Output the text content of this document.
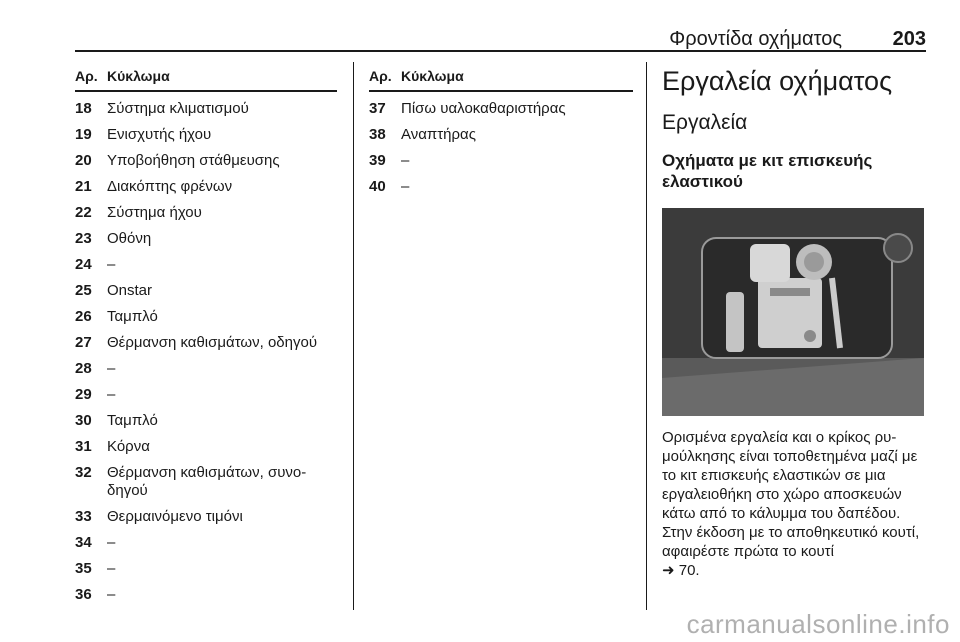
Φροντίδα οχήματος	203
Αρ. Κύκλωμα
18	Σύστημα κλιματισμού
19	Ενισχυτής ήχου
20	Υποβοήθηση στάθμευσης
21	Διακόπτης φρένων
22	Σύστημα ήχου
23	Οθόνη
24	–
25	Onstar
26	Ταμπλό
27	Θέρμανση καθισμάτων, οδηγού
28	–
29	–
30	Ταμπλό
31	Κόρνα
32	Θέρμανση καθισμάτων, συνο-δηγού
33	Θερμαινόμενο τιμόνι
34	–
35	–
36	–
Αρ. Κύκλωμα
37	Πίσω υαλοκαθαριστήρας
38	Αναπτήρας
39	–
40	–
Εργαλεία οχήματος
Εργαλεία
Οχήματα με κιτ επισκευής ελαστικού
Ορισμένα εργαλεία και ο κρίκος ρυ-μούλκησης είναι τοποθετημένα μαζί με το κιτ επισκευής ελαστικών σε μια εργαλειοθήκη στο χώρο αποσκευών κάτω από το κάλυμμα του δαπέδου. Στην έκδοση με το αποθηκευτικό κουτί, αφαιρέστε πρώτα το κουτί
➜ 70.
carmanualsonline.info
